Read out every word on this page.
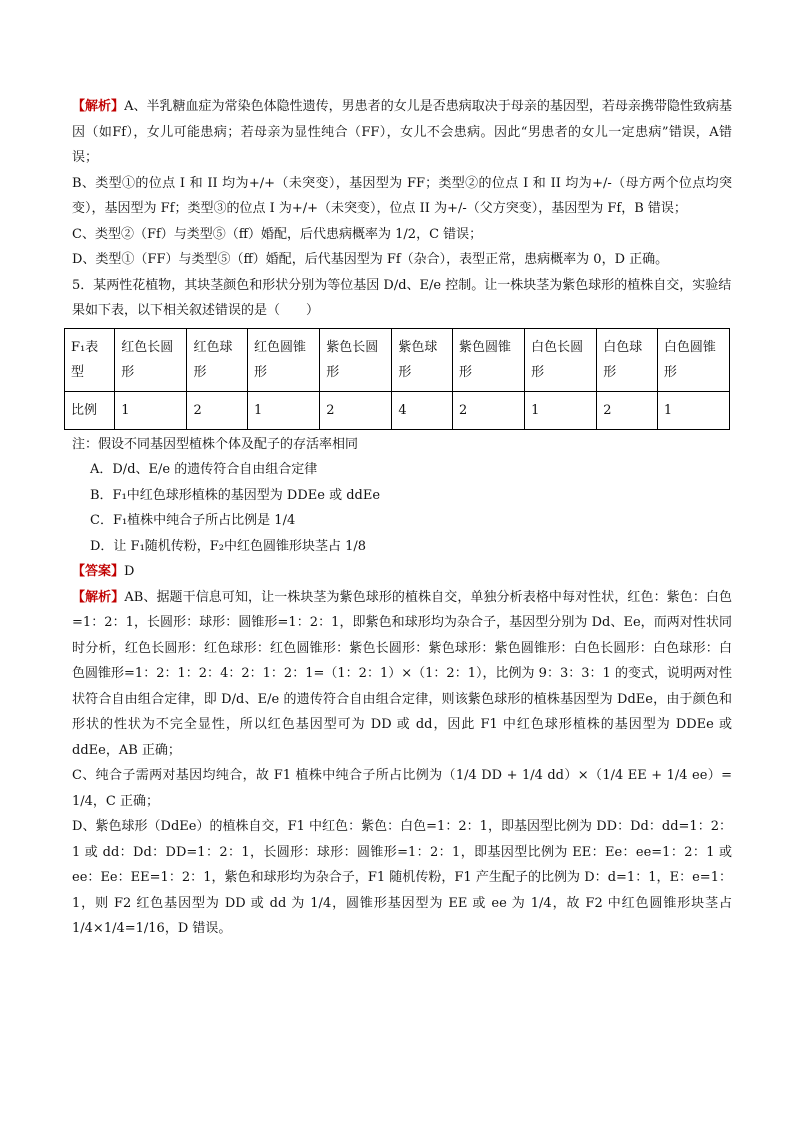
【解析】A、半乳糖血症为常染色体隐性遗传，男患者的女儿是否患病取决于母亲的基因型，若母亲携带隐性致病基因（如Ff），女儿可能患病；若母亲为显性纯合（FF），女儿不会患病。因此“男患者的女儿一定患病”错误，A错误；

B、类型①的位点 I 和 II 均为+/+（未突变），基因型为 FF；类型②的位点 I 和 II 均为+/-（母方两个位点均突变），基因型为 Ff；类型③的位点 I 为+/+（未突变），位点 II 为+/-（父方突变），基因型为 Ff，B 错误；

C、类型②（Ff）与类型⑤（ff）婚配，后代患病概率为 1/2，C 错误；

D、类型①（FF）与类型⑤（ff）婚配，后代基因型为 Ff（杂合），表型正常，患病概率为 0，D 正确。

5．某两性花植物，其块茎颜色和形状分别为等位基因 D/d、E/e 控制。让一株块茎为紫色球形的植株自交，实验结果如下表，以下相关叙述错误的是（　　）

F₁表型	红色长圆形	红色球形	红色圆锥形	紫色长圆形	紫色球形	紫色圆锥形	白色长圆形	白色球形	白色圆锥形
比例	1	2	1	2	4	2	1	2	1

注：假设不同基因型植株个体及配子的存活率相同

A．D/d、E/e 的遗传符合自由组合定律

B．F₁中红色球形植株的基因型为 DDEe 或 ddEe

C．F₁植株中纯合子所占比例是 1/4

D．让 F₁随机传粉，F₂中红色圆锥形块茎占 1/8

【答案】D

【解析】AB、据题干信息可知，让一株块茎为紫色球形的植株自交，单独分析表格中每对性状，红色：紫色：白色=1：2：1，长圆形：球形：圆锥形=1：2：1，即紫色和球形均为杂合子，基因型分别为 Dd、Ee，而两对性状同时分析，红色长圆形：红色球形：红色圆锥形：紫色长圆形：紫色球形：紫色圆锥形：白色长圆形：白色球形：白色圆锥形=1：2：1：2：4：2：1：2：1=（1：2：1）×（1：2：1），比例为 9：3：3：1 的变式，说明两对性状符合自由组合定律，即 D/d、E/e 的遗传符合自由组合定律，则该紫色球形的植株基因型为 DdEe，由于颜色和形状的性状为不完全显性，所以红色基因型可为 DD 或 dd，因此 F1 中红色球形植株的基因型为 DDEe 或 ddEe，AB 正确；

C、纯合子需两对基因均纯合，故 F1 植株中纯合子所占比例为（1/4 DD + 1/4 dd）×（1/4 EE + 1/4 ee）= 1/4，C 正确；

D、紫色球形（DdEe）的植株自交，F1 中红色：紫色：白色=1：2：1，即基因型比例为 DD：Dd：dd=1：2：1 或 dd：Dd：DD=1：2：1，长圆形：球形：圆锥形=1：2：1，即基因型比例为 EE：Ee：ee=1：2：1 或 ee：Ee：EE=1：2：1，紫色和球形均为杂合子，F1 随机传粉，F1 产生配子的比例为 D：d=1：1，E：e=1：1，则 F2 红色基因型为 DD 或 dd 为 1/4，圆锥形基因型为 EE 或 ee 为 1/4，故 F2 中红色圆锥形块茎占 1/4×1/4=1/16，D 错误。
